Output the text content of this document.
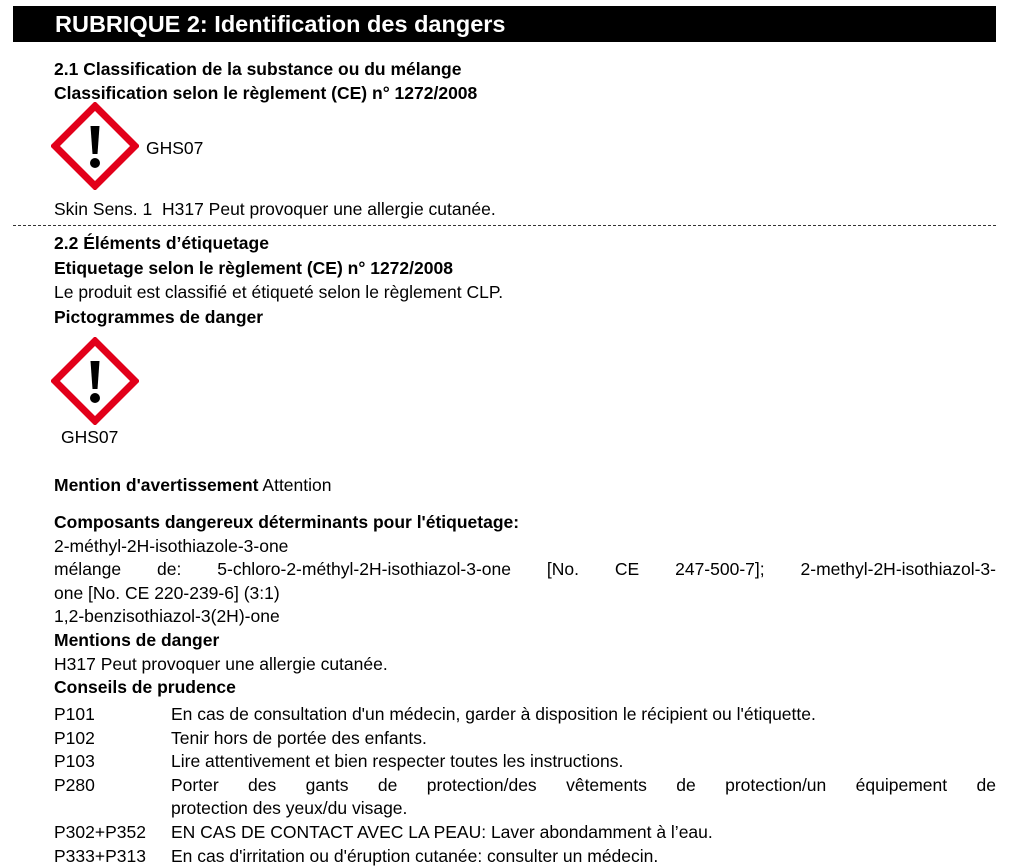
RUBRIQUE 2: Identification des dangers
2.1 Classification de la substance ou du mélange
Classification selon le règlement (CE) n° 1272/2008
GHS07
Skin Sens. 1  H317 Peut provoquer une allergie cutanée.
2.2 Éléments d’étiquetage
Etiquetage selon le règlement (CE) n° 1272/2008
Le produit est classifié et étiqueté selon le règlement CLP.
Pictogrammes de danger
GHS07
Mention d'avertissement Attention
Composants dangereux déterminants pour l'étiquetage:
2-méthyl-2H-isothiazole-3-one
mélange de: 5-chloro-2-méthyl-2H-isothiazol-3-one [No. CE 247-500-7]; 2-methyl-2H-isothiazol-3-
one [No. CE 220-239-6] (3:1)
1,2-benzisothiazol-3(2H)-one
Mentions de danger
H317 Peut provoquer une allergie cutanée.
Conseils de prudence
P101	En cas de consultation d'un médecin, garder à disposition le récipient ou l'étiquette.
P102	Tenir hors de portée des enfants.
P103	Lire attentivement et bien respecter toutes les instructions.
P280	Porter des gants de protection/des vêtements de protection/un équipement de
protection des yeux/du visage.
P302+P352	EN CAS DE CONTACT AVEC LA PEAU: Laver abondamment à l’eau.
P333+P313	En cas d'irritation ou d'éruption cutanée: consulter un médecin.
